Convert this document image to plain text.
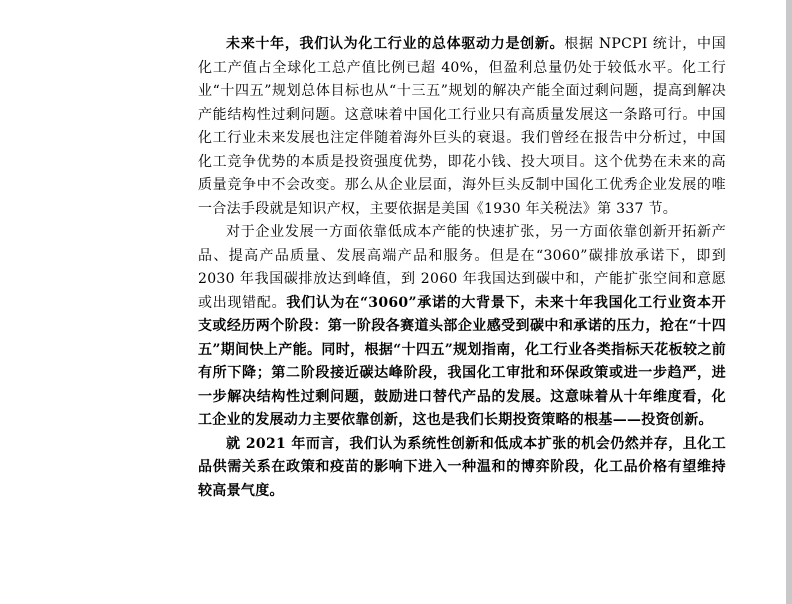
未来十年，我们认为化工行业的总体驱动力是创新。根据 NPCPI 统计，中国化工产值占全球化工总产值比例已超 40%，但盈利总量仍处于较低水平。化工行业“十四五”规划总体目标也从“十三五”规划的解决产能全面过剩问题，提高到解决产能结构性过剩问题。这意味着中国化工行业只有高质量发展这一条路可行。中国化工行业未来发展也注定伴随着海外巨头的衰退。我们曾经在报告中分析过，中国化工竞争优势的本质是投资强度优势，即花小钱、投大项目。这个优势在未来的高质量竞争中不会改变。那么从企业层面，海外巨头反制中国化工优秀企业发展的唯一合法手段就是知识产权，主要依据是美国《1930 年关税法》第 337 节。

对于企业发展一方面依靠低成本产能的快速扩张，另一方面依靠创新开拓新产品、提高产品质量、发展高端产品和服务。但是在“3060”碳排放承诺下，即到 2030 年我国碳排放达到峰值，到 2060 年我国达到碳中和，产能扩张空间和意愿或出现错配。我们认为在“3060”承诺的大背景下，未来十年我国化工行业资本开支或经历两个阶段：第一阶段各赛道头部企业感受到碳中和承诺的压力，抢在“十四五”期间快上产能。同时，根据“十四五”规划指南，化工行业各类指标天花板较之前有所下降；第二阶段接近碳达峰阶段，我国化工审批和环保政策或进一步趋严，进一步解决结构性过剩问题，鼓励进口替代产品的发展。这意味着从十年维度看，化工企业的发展动力主要依靠创新，这也是我们长期投资策略的根基——投资创新。

就 2021 年而言，我们认为系统性创新和低成本扩张的机会仍然并存，且化工品供需关系在政策和疫苗的影响下进入一种温和的博弈阶段，化工品价格有望维持较高景气度。
